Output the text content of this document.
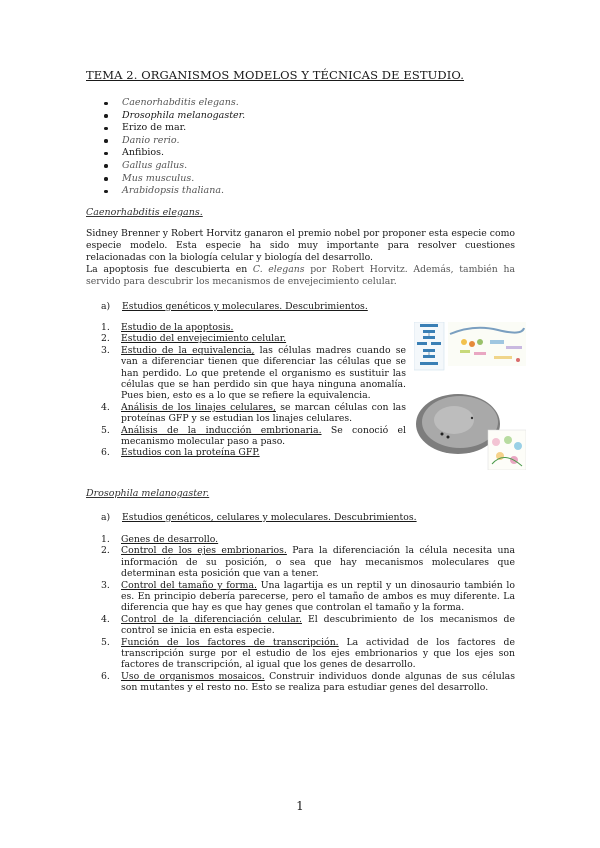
TEMA 2. ORGANISMOS MODELOS Y TÉCNICAS DE ESTUDIO.
Caenorhabditis elegans.
Drosophila melanogaster.
Erizo de mar.
Danio rerio.
Anfibios.
Gallus gallus.
Mus musculus.
Arabidopsis thaliana.
Caenorhabditis elegans.
Sidney Brenner y Robert Horvitz ganaron el premio nobel por proponer esta especie como especie modelo. Esta especie ha sido muy importante para resolver cuestiones relacionadas con la biología celular y biología del desarrollo.
La apoptosis fue descubierta en C. elegans por Robert Horvitz. Además, también ha servido para descubrir los mecanismos de envejecimiento celular.
a) Estudios genéticos y moleculares. Descubrimientos.
1. Estudio de la apoptosis.
2. Estudio del envejecimiento celular.
3. Estudio de la equivalencia, las células madres cuando se van a diferenciar tienen que diferenciar las células que se han perdido. Lo que pretende el organismo es sustituir las células que se han perdido sin que haya ninguna anomalía. Pues bien, esto es a lo que se refiere la equivalencia.
4. Análisis de los linajes celulares, se marcan células con las proteínas GFP y se estudian los linajes celulares.
5. Análisis de la inducción embrionaria. Se conoció el mecanismo molecular paso a paso.
6. Estudios con la proteína GFP.
Drosophila melanogaster.
a) Estudios genéticos, celulares y moleculares. Descubrimientos.
1. Genes de desarrollo.
2. Control de los ejes embrionarios. Para la diferenciación la célula necesita una información de su posición, o sea que hay mecanismos moleculares que determinan esta posición que van a tener.
3. Control del tamaño y forma. Una lagartija es un reptil y un dinosaurio también lo es. En principio debería parecerse, pero el tamaño de ambos es muy diferente. La diferencia que hay es que hay genes que controlan el tamaño y la forma.
4. Control de la diferenciación celular. El descubrimiento de los mecanismos de control se inicia en esta especie.
5. Función de los factores de transcripción. La actividad de los factores de transcripción surge por el estudio de los ejes embrionarios y que los ejes son factores de transcripción, al igual que los genes de desarrollo.
6. Uso de organismos mosaicos. Construir individuos donde algunas de sus células son mutantes y el resto no. Esto se realiza para estudiar genes del desarrollo.
1
